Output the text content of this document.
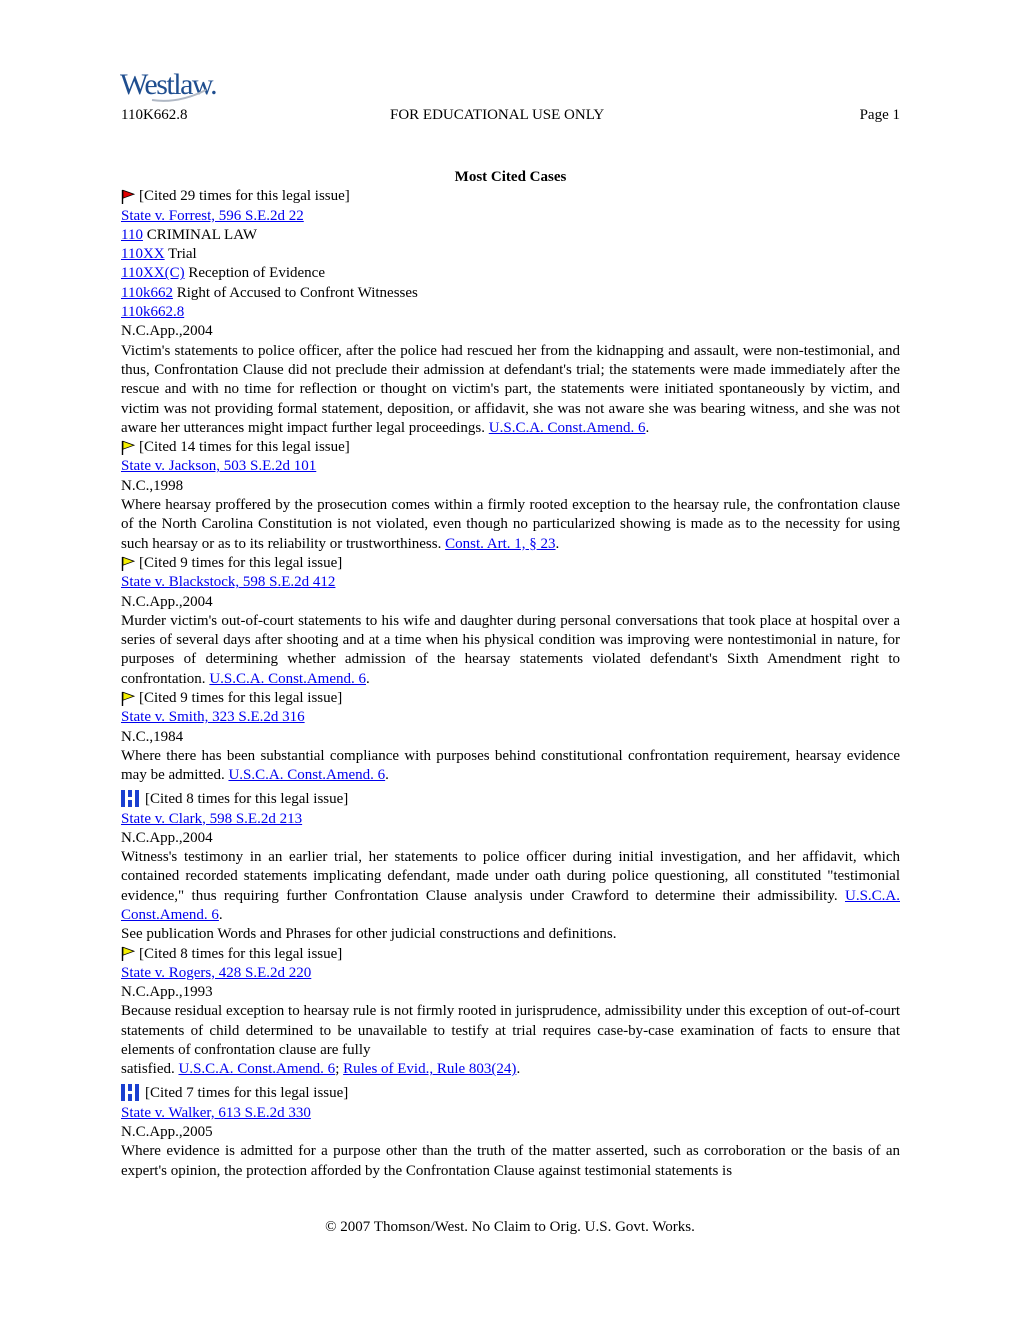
Westlaw.
110K662.8	FOR EDUCATIONAL USE ONLY	Page 1
Most Cited Cases
[Cited 29 times for this legal issue]
State v. Forrest, 596 S.E.2d 22
110 CRIMINAL LAW
110XX Trial
110XX(C) Reception of Evidence
110k662 Right of Accused to Confront Witnesses
110k662.8
N.C.App.,2004
Victim's statements to police officer, after the police had rescued her from the kidnapping and assault, were non-testimonial, and thus, Confrontation Clause did not preclude their admission at defendant's trial; the statements were made immediately after the rescue and with no time for reflection or thought on victim's part, the statements were initiated spontaneously by victim, and victim was not providing formal statement, deposition, or affidavit, she was not aware she was bearing witness, and she was not aware her utterances might impact further legal proceedings. U.S.C.A. Const.Amend. 6.
[Cited 14 times for this legal issue]
State v. Jackson, 503 S.E.2d 101
N.C.,1998
Where hearsay proffered by the prosecution comes within a firmly rooted exception to the hearsay rule, the confrontation clause of the North Carolina Constitution is not violated, even though no particularized showing is made as to the necessity for using such hearsay or as to its reliability or trustworthiness. Const. Art. 1, § 23.
[Cited 9 times for this legal issue]
State v. Blackstock, 598 S.E.2d 412
N.C.App.,2004
Murder victim's out-of-court statements to his wife and daughter during personal conversations that took place at hospital over a series of several days after shooting and at a time when his physical condition was improving were nontestimonial in nature, for purposes of determining whether admission of the hearsay statements violated defendant's Sixth Amendment right to confrontation. U.S.C.A. Const.Amend. 6.
[Cited 9 times for this legal issue]
State v. Smith, 323 S.E.2d 316
N.C.,1984
Where there has been substantial compliance with purposes behind constitutional confrontation requirement, hearsay evidence may be admitted. U.S.C.A. Const.Amend. 6.
[Cited 8 times for this legal issue]
State v. Clark, 598 S.E.2d 213
N.C.App.,2004
Witness's testimony in an earlier trial, her statements to police officer during initial investigation, and her affidavit, which contained recorded statements implicating defendant, made under oath during police questioning, all constituted "testimonial evidence," thus requiring further Confrontation Clause analysis under Crawford to determine their admissibility. U.S.C.A. Const.Amend. 6.
See publication Words and Phrases for other judicial constructions and definitions.
[Cited 8 times for this legal issue]
State v. Rogers, 428 S.E.2d 220
N.C.App.,1993
Because residual exception to hearsay rule is not firmly rooted in jurisprudence, admissibility under this exception of out-of-court statements of child determined to be unavailable to testify at trial requires case-by-case examination of facts to ensure that elements of confrontation clause are fully
satisfied. U.S.C.A. Const.Amend. 6; Rules of Evid., Rule 803(24).
[Cited 7 times for this legal issue]
State v. Walker, 613 S.E.2d 330
N.C.App.,2005
Where evidence is admitted for a purpose other than the truth of the matter asserted, such as corroboration or the basis of an expert's opinion, the protection afforded by the Confrontation Clause against testimonial statements is
© 2007 Thomson/West. No Claim to Orig. U.S. Govt. Works.
